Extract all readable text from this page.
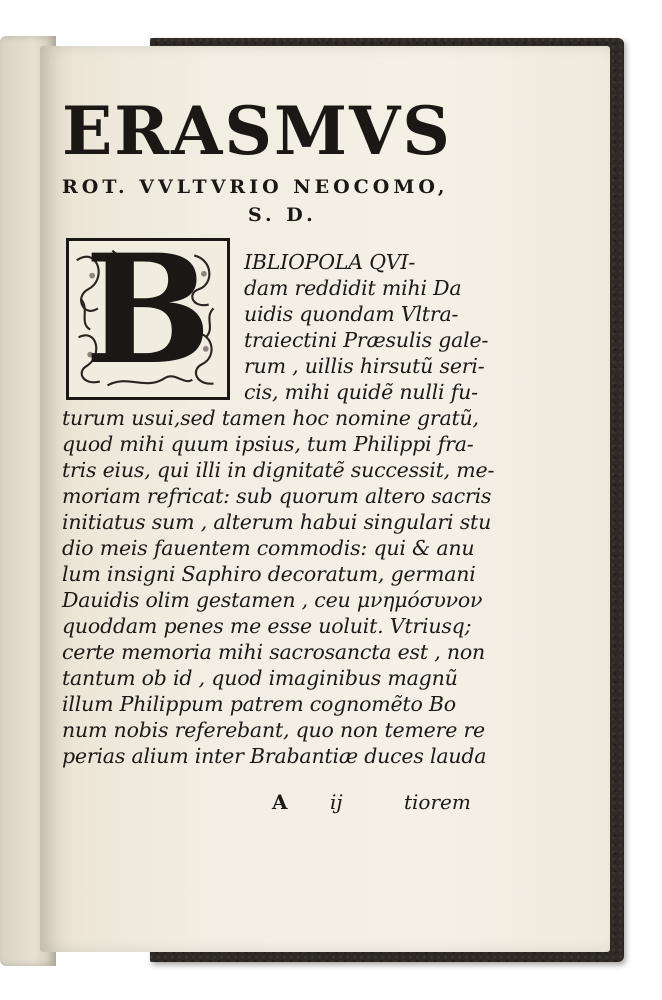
ERASMVS
ROT. VVLTVRIO NEOCOMO,
S. D.
B	IBLIOPOLA QVI-
dam reddidit mihi Da
uidis quondam Vltra-
traiectini Præsulis gale-
rum , uillis hirsutũ seri-
cis, mihi quidẽ nulli fu-
turum usui,sed tamen hoc nomine gratũ,
quod mihi quum ipsius, tum Philippi fra-
tris eius, qui illi in dignitatẽ successit, me-
moriam refricat: sub quorum altero sacris
initiatus sum , alterum habui singulari stu
dio meis fauentem commodis: qui & anu
lum insigni Saphiro decoratum, germani
Dauidis olim gestamen , ceu μνημόσυνον
quoddam penes me esse uoluit. Vtriusq;
certe memoria mihi sacrosancta est , non
tantum ob id , quod imaginibus magnũ
illum Philippum patrem cognomẽto Bo
num nobis referebant, quo non temere re
perias alium inter Brabantiæ duces lauda
A ij	tiorem
